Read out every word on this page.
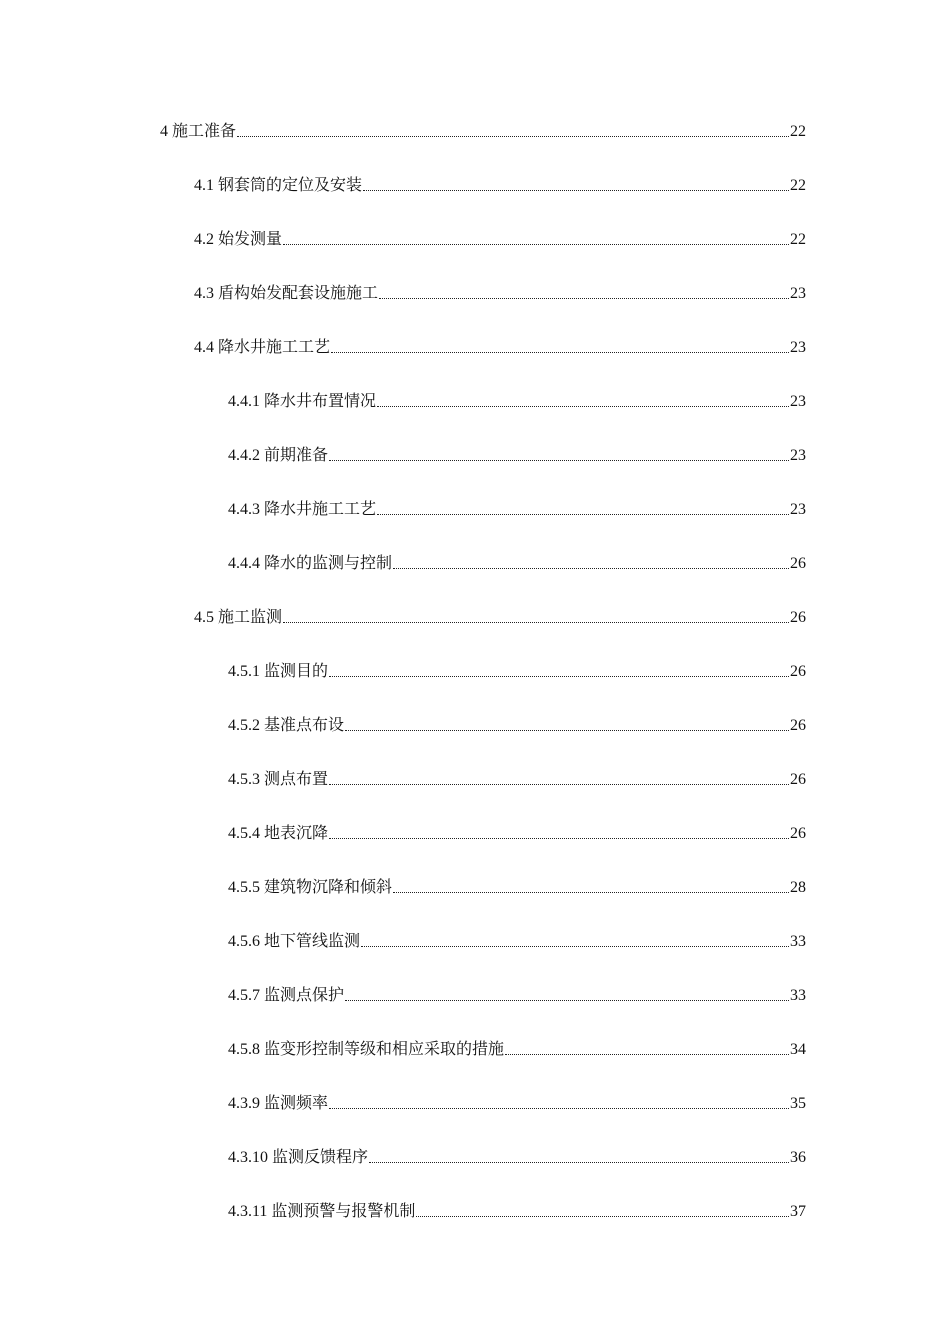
4 施工准备	22
4.1 钢套筒的定位及安装	22
4.2 始发测量	22
4.3 盾构始发配套设施施工	23
4.4 降水井施工工艺	23
4.4.1 降水井布置情况	23
4.4.2 前期准备	23
4.4.3 降水井施工工艺	23
4.4.4 降水的监测与控制	26
4.5 施工监测	26
4.5.1 监测目的	26
4.5.2 基准点布设	26
4.5.3 测点布置	26
4.5.4 地表沉降	26
4.5.5 建筑物沉降和倾斜	28
4.5.6 地下管线监测	33
4.5.7 监测点保护	33
4.5.8 监变形控制等级和相应采取的措施	34
4.3.9 监测频率	35
4.3.10 监测反馈程序	36
4.3.11 监测预警与报警机制	37
